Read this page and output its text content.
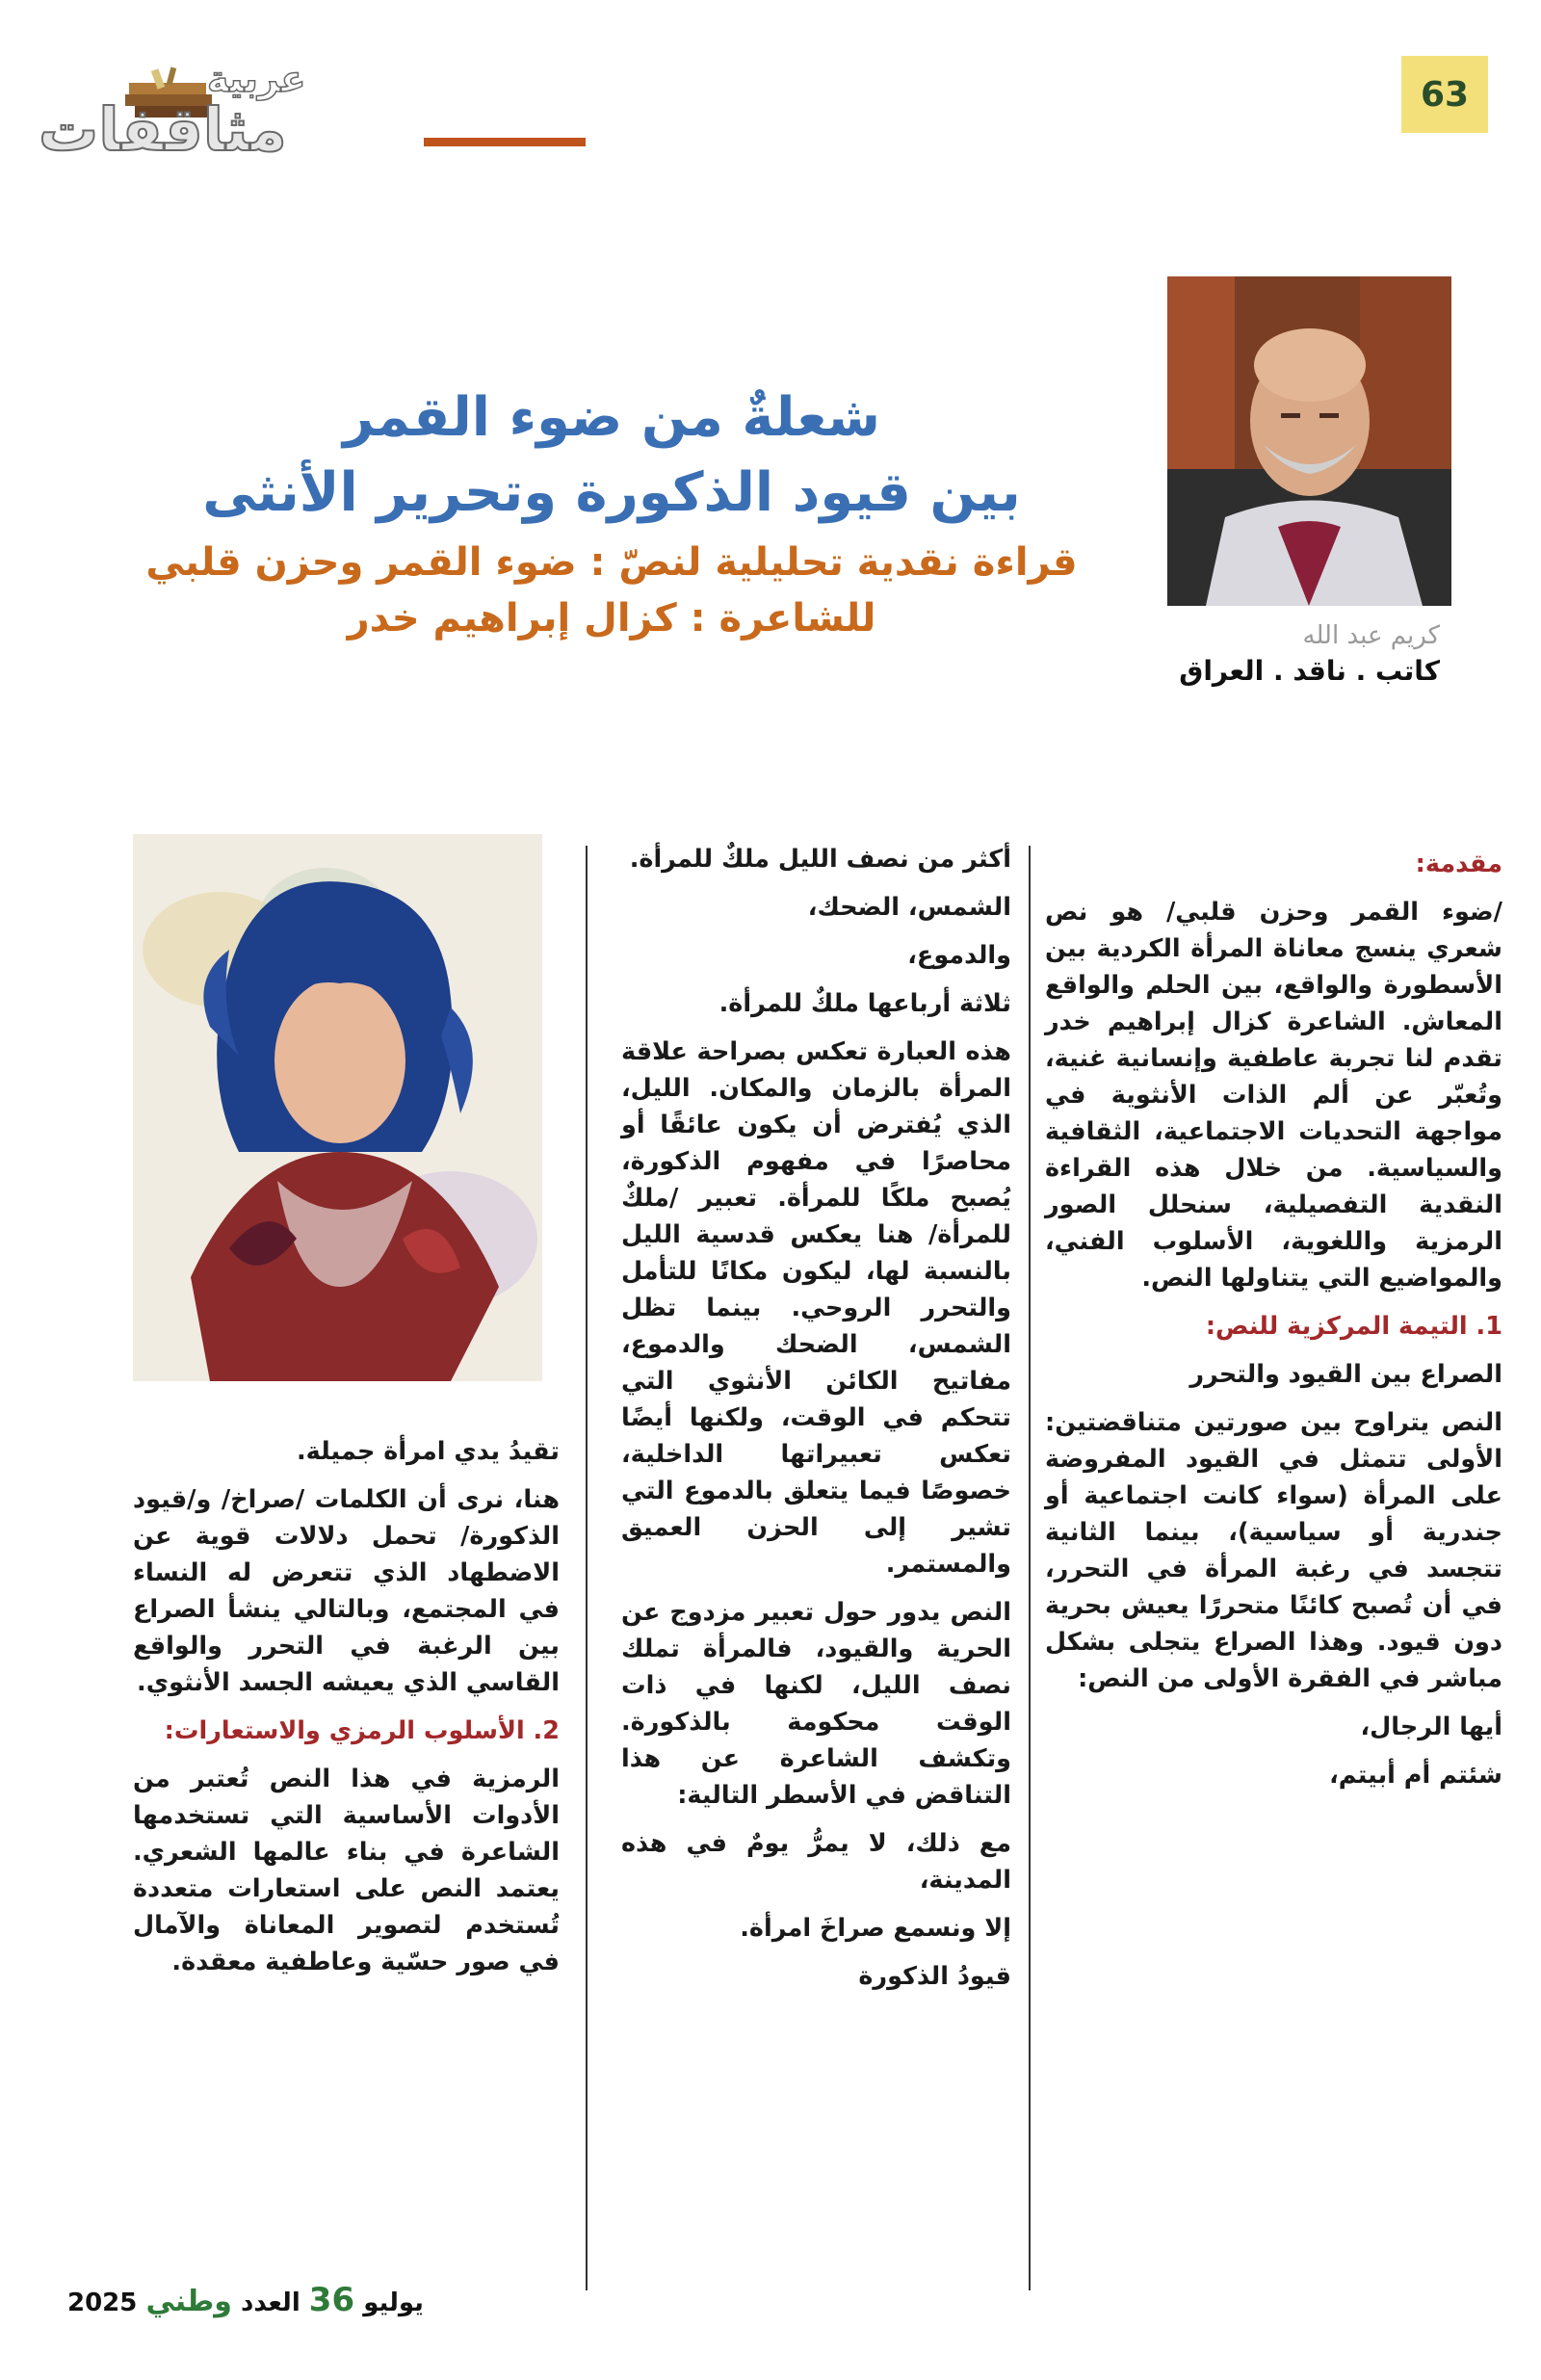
63
عربية
مثاقفات
شعلةٌ من ضوء القمر
بين قيود الذكورة وتحرير الأنثى
قراءة نقدية تحليلية لنصّ : ضوء القمر وحزن قلبي
للشاعرة : كزال إبراهيم خدر	كريم عبد الله
كاتب . ناقد . العراق

مقدمة:

/ضوء القمر وحزن قلبي/ هو نص شعري ينسج معاناة المرأة الكردية بين الأسطورة والواقع، بين الحلم والواقع المعاش. الشاعرة كزال إبراهيم خدر تقدم لنا تجربة عاطفية وإنسانية غنية، وتُعبّر عن ألم الذات الأنثوية في مواجهة التحديات الاجتماعية، الثقافية والسياسية. من خلال هذه القراءة النقدية التفصيلية، سنحلل الصور الرمزية واللغوية، الأسلوب الفني، والمواضيع التي يتناولها النص.

1. التيمة المركزية للنص:

الصراع بين القيود والتحرر

النص يتراوح بين صورتين متناقضتين: الأولى تتمثل في القيود المفروضة على المرأة (سواء كانت اجتماعية أو جندرية أو سياسية)، بينما الثانية تتجسد في رغبة المرأة في التحرر، في أن تُصبح كائنًا متحررًا يعيش بحرية دون قيود. وهذا الصراع يتجلى بشكل مباشر في الفقرة الأولى من النص:

أيها الرجال،

شئتم أم أبيتم،

أكثر من نصف الليل ملكٌ للمرأة.

الشمس، الضحك،

والدموع،

ثلاثة أرباعها ملكٌ للمرأة.

هذه العبارة تعكس بصراحة علاقة المرأة بالزمان والمكان. الليل، الذي يُفترض أن يكون عائقًا أو محاصرًا في مفهوم الذكورة، يُصبح ملكًا للمرأة. تعبير /ملكٌ للمرأة/ هنا يعكس قدسية الليل بالنسبة لها، ليكون مكانًا للتأمل والتحرر الروحي. بينما تظل الشمس، الضحك والدموع، مفاتيح الكائن الأنثوي التي تتحكم في الوقت، ولكنها أيضًا تعكس تعبيراتها الداخلية، خصوصًا فيما يتعلق بالدموع التي تشير إلى الحزن العميق والمستمر.

النص يدور حول تعبير مزدوج عن الحرية والقيود، فالمرأة تملك نصف الليل، لكنها في ذات الوقت محكومة بالذكورة. وتكشف الشاعرة عن هذا التناقض في الأسطر التالية:

مع ذلك، لا يمرُّ يومٌ في هذه المدينة،

إلا ونسمع صراخَ امرأة.

قيودُ الذكورة

تقيدُ يدي امرأة جميلة.

هنا، نرى أن الكلمات /صراخ/ و/قيود الذكورة/ تحمل دلالات قوية عن الاضطهاد الذي تتعرض له النساء في المجتمع، وبالتالي ينشأ الصراع بين الرغبة في التحرر والواقع القاسي الذي يعيشه الجسد الأنثوي.

2. الأسلوب الرمزي والاستعارات:

الرمزية في هذا النص تُعتبر من الأدوات الأساسية التي تستخدمها الشاعرة في بناء عالمها الشعري. يعتمد النص على استعارات متعددة تُستخدم لتصوير المعاناة والآمال في صور حسّية وعاطفية معقدة.

2025	يوليو 36 العدد وطني
